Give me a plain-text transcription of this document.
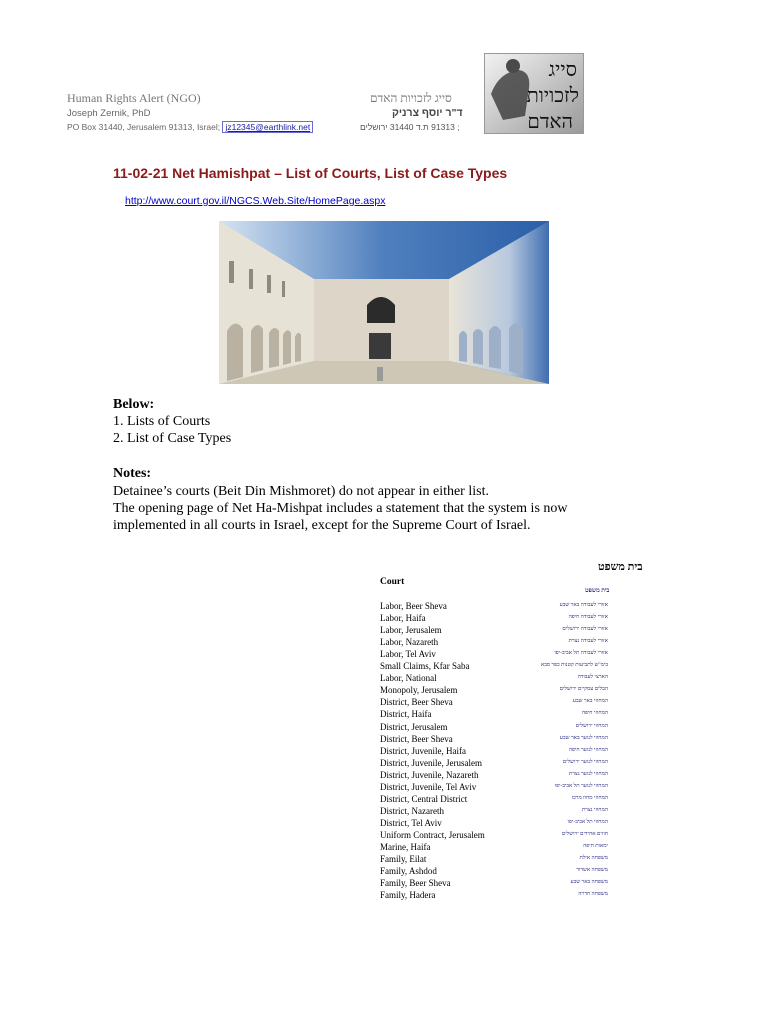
Human Rights Alert (NGO)
Joseph Zernik, PhD
PO Box 31440, Jerusalem 91313, Israel; jz12345@earthlink.net
סייג לזכויות האדם
ד"ר יוסף צרניק
; 91313 ת.ד 31440 ירושלים
סייג
לזכויות
האדם
11-02-21 Net Hamishpat – List of Courts, List of Case Types
http://www.court.gov.il/NGCS.Web.Site/HomePage.aspx
Below:
1. Lists of Courts
2. List of Case Types
Notes:
Detainee’s courts (Beit Din Mishmoret) do not appear in either list.
The opening page of Net Ha-Mishpat includes a statement that the system is now
implemented in all courts in Israel, except for the Supreme Court of Israel.
בית משפט
Court
בית משפט
Labor, Beer Sheva	אזורי לעבודה באר שבע
Labor, Haifa	אזורי לעבודה חיפה
Labor, Jerusalem	אזורי לעבודה ירושלים
Labor, Nazareth	אזורי לעבודה נצרת
Labor, Tel Aviv	אזורי לעבודה תל אביב-יפו
Small Claims, Kfar Saba	בימ"ש לתביעות קטנות כפר סבא
Labor, National	הארצי לעבודה
Monopoly, Jerusalem	הבלים עסקיים ירושלים
District, Beer Sheva	המחוזי באר שבע
District, Haifa	המחוזי חיפה
District, Jerusalem	המחוזי ירושלים
District, Beer Sheva	המחוזי לנוער באר שבע
District, Juvenile, Haifa	המחוזי לנוער חיפה
District, Juvenile, Jerusalem	המחוזי לנוער ירושלים
District, Juvenile, Nazareth	המחוזי לנוער נצרת
District, Juvenile, Tel Aviv	המחוזי לנוער תל אביב-יפו
District, Central District	המחוזי מחוז מרכז
District, Nazareth	המחוזי נצרת
District, Tel Aviv	המחוזי תל אביב-יפו
Uniform Contract, Jerusalem	חוזים אחידים ירושלים
Marine, Haifa	ימאות חיפה
Family, Eilat	משפחה אילת
Family, Ashdod	משפחה אשדוד
Family, Beer Sheva	משפחה באר שבע
Family, Hadera	משפחה חדרה
